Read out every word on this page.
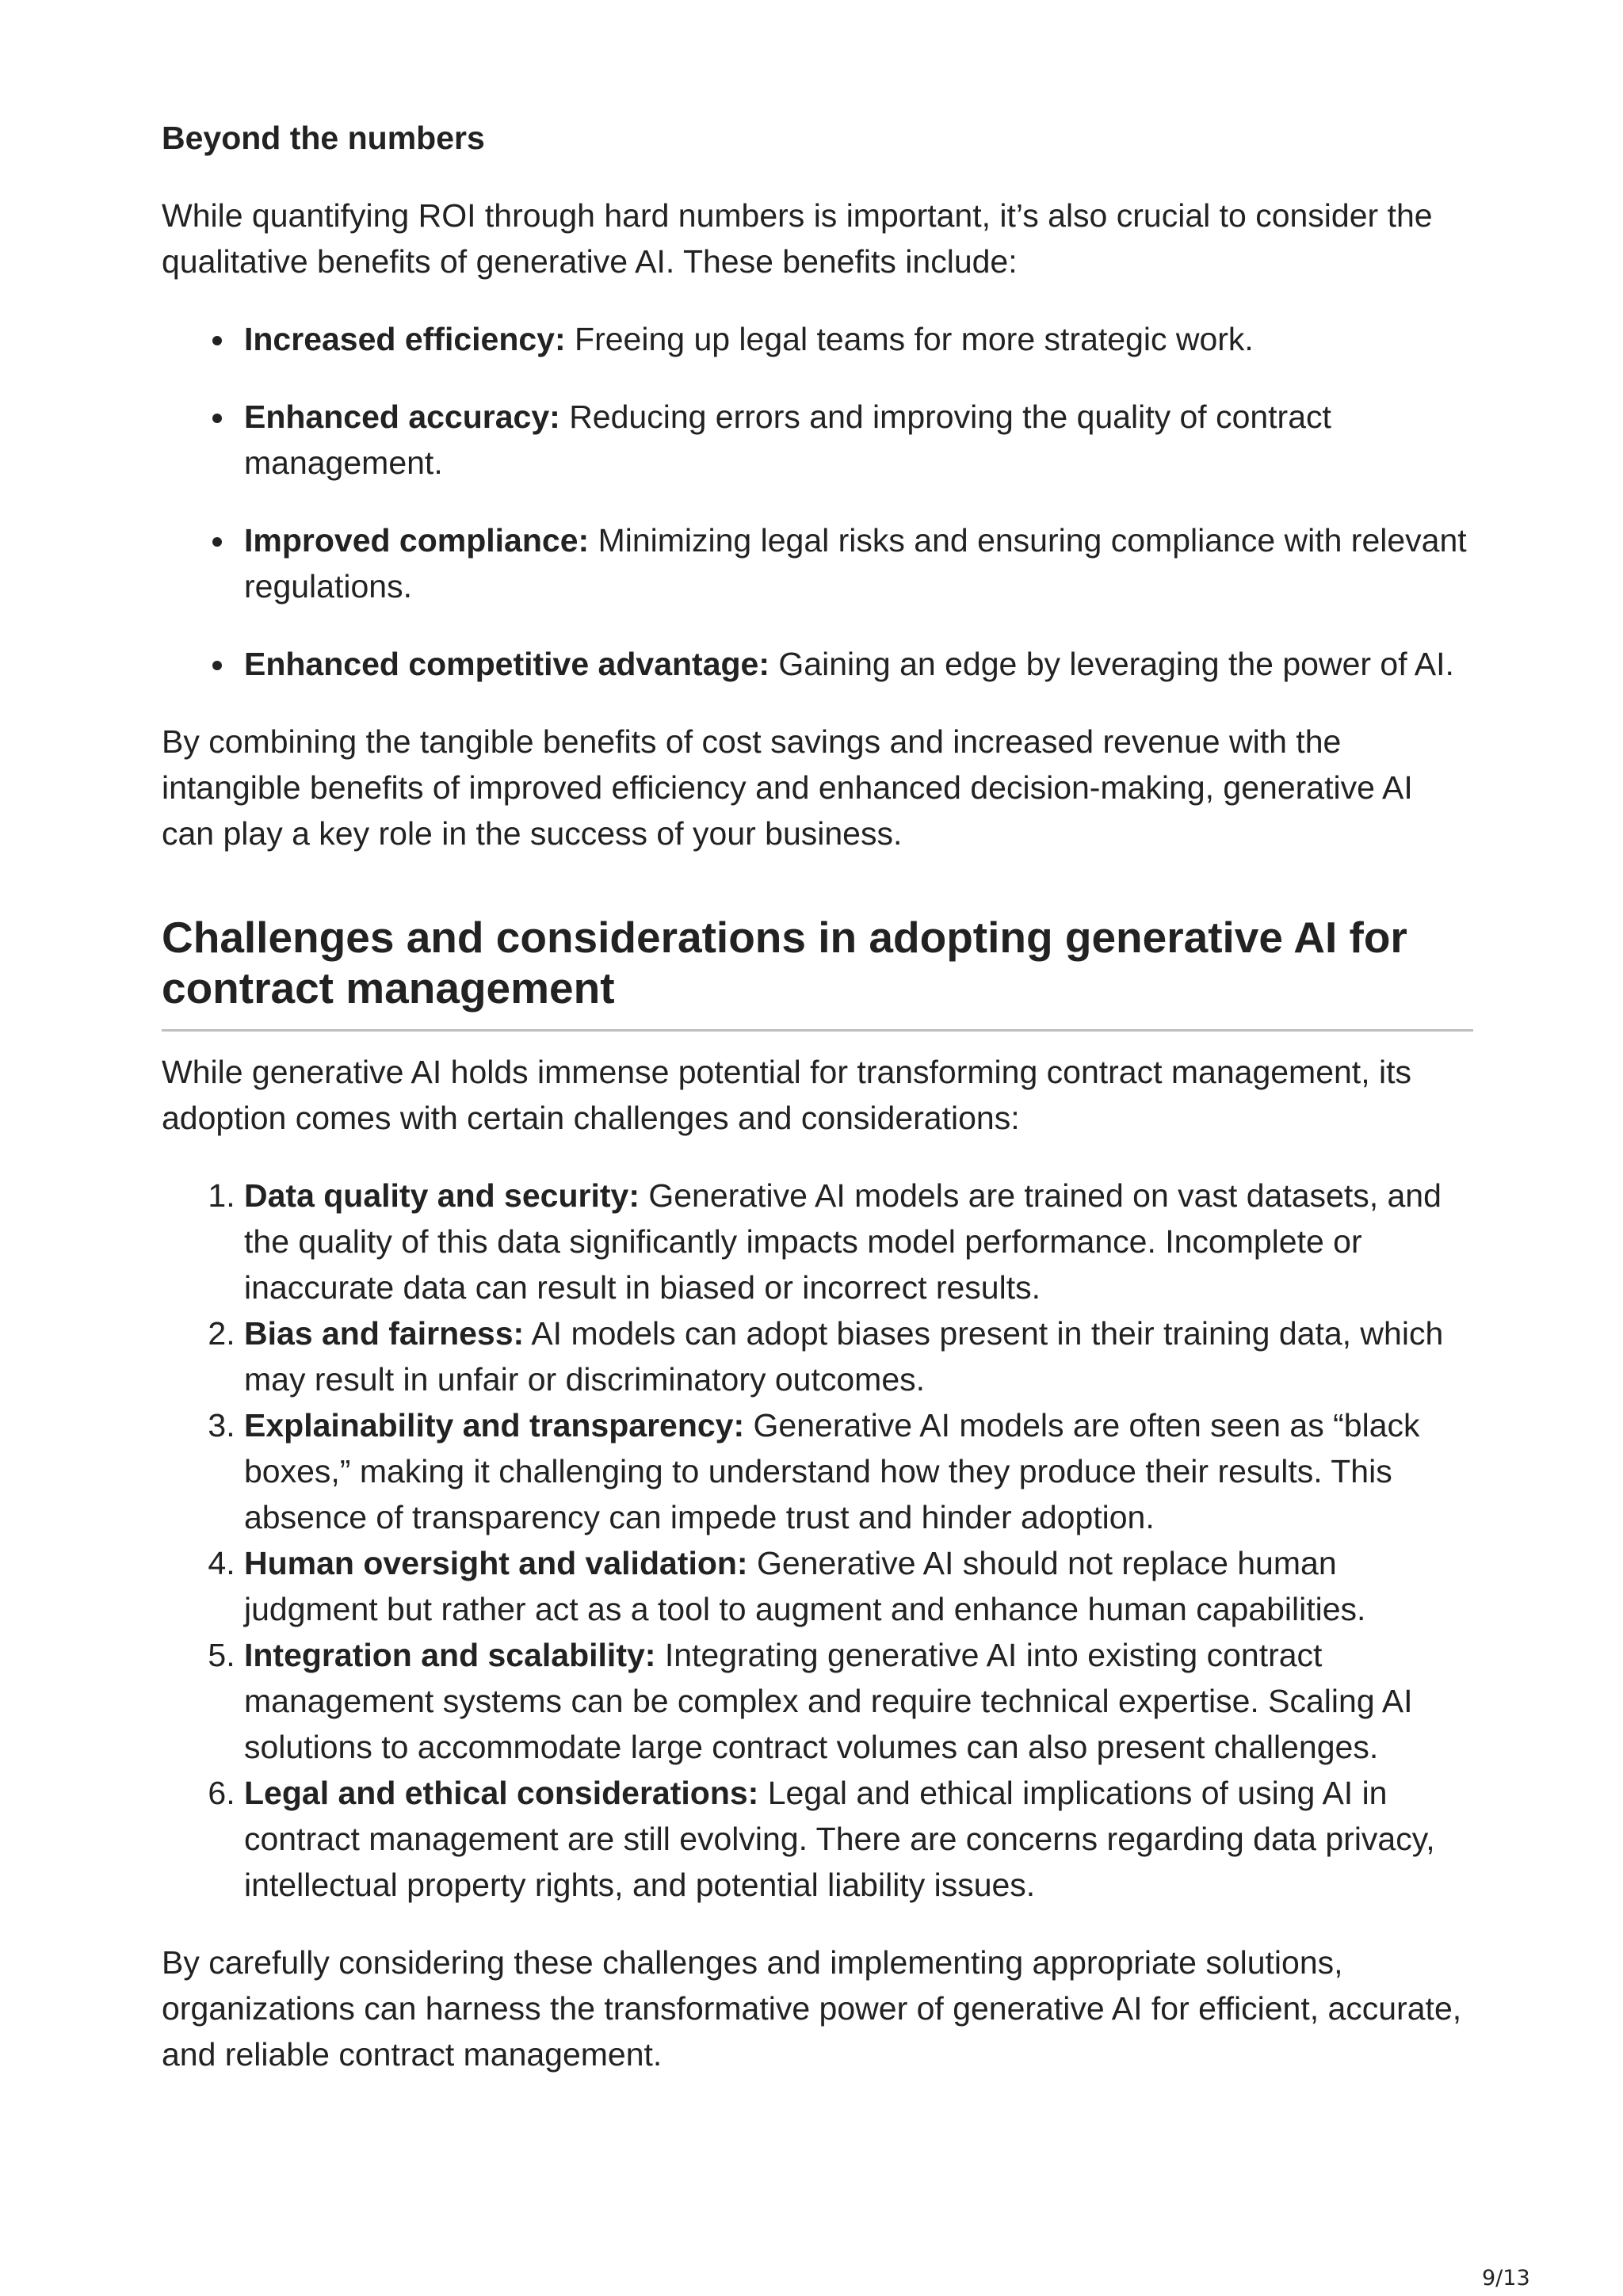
Beyond the numbers

While quantifying ROI through hard numbers is important, it’s also crucial to consider the qualitative benefits of generative AI. These benefits include:

Increased efficiency: Freeing up legal teams for more strategic work.
Enhanced accuracy: Reducing errors and improving the quality of contract management.
Improved compliance: Minimizing legal risks and ensuring compliance with relevant regulations.
Enhanced competitive advantage: Gaining an edge by leveraging the power of AI.

By combining the tangible benefits of cost savings and increased revenue with the intangible benefits of improved efficiency and enhanced decision-making, generative AI can play a key role in the success of your business.

Challenges and considerations in adopting generative AI for contract management

While generative AI holds immense potential for transforming contract management, its adoption comes with certain challenges and considerations:

1. Data quality and security: Generative AI models are trained on vast datasets, and the quality of this data significantly impacts model performance. Incomplete or inaccurate data can result in biased or incorrect results.
2. Bias and fairness: AI models can adopt biases present in their training data, which may result in unfair or discriminatory outcomes.
3. Explainability and transparency: Generative AI models are often seen as “black boxes,” making it challenging to understand how they produce their results. This absence of transparency can impede trust and hinder adoption.
4. Human oversight and validation: Generative AI should not replace human judgment but rather act as a tool to augment and enhance human capabilities.
5. Integration and scalability: Integrating generative AI into existing contract management systems can be complex and require technical expertise. Scaling AI solutions to accommodate large contract volumes can also present challenges.
6. Legal and ethical considerations: Legal and ethical implications of using AI in contract management are still evolving. There are concerns regarding data privacy, intellectual property rights, and potential liability issues.

By carefully considering these challenges and implementing appropriate solutions, organizations can harness the transformative power of generative AI for efficient, accurate, and reliable contract management.

9/13
